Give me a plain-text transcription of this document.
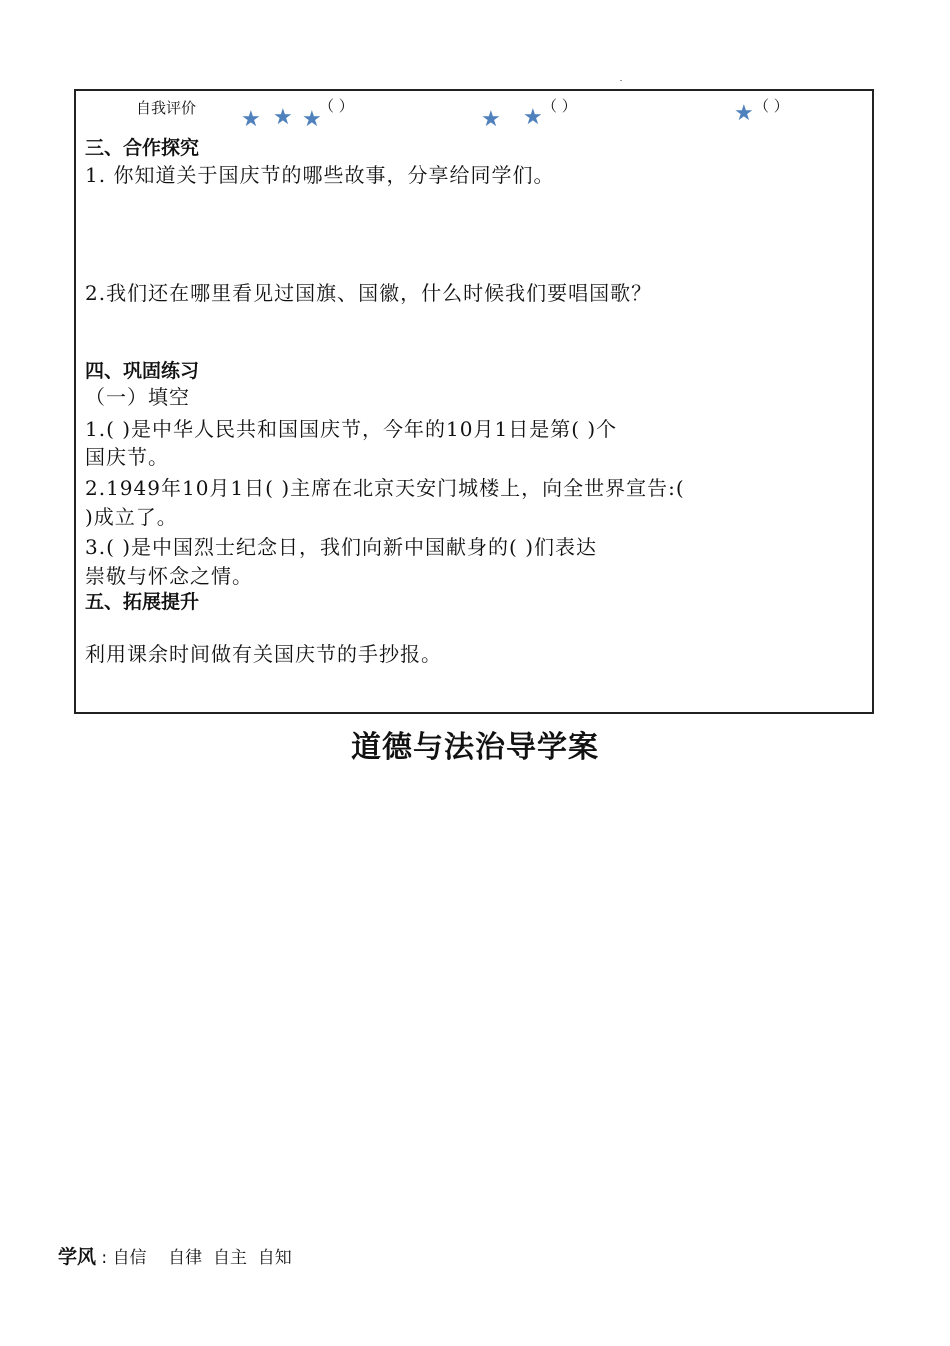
自我评价 ★ ★ ★
（ ）
★ ★ （ ）	★ （ ）
三、合作探究
1. 你知道关于国庆节的哪些故事，分享给同学们。
2.我们还在哪里看见过国旗、国徽，什么时候我们要唱国歌？
四、巩固练习
（一）填空
1.( )是中华人民共和国国庆节，今年的10月1日是第( )个
国庆节。
2.1949年10月1日( )主席在北京天安门城楼上，向全世界宣告:(
)成立了。
3.( )是中国烈士纪念日，我们向新中国献身的( )们表达
崇敬与怀念之情。
五、拓展提升
利用课余时间做有关国庆节的手抄报。
道德与法治导学案
学风 : 自信    自律  自主  自知
